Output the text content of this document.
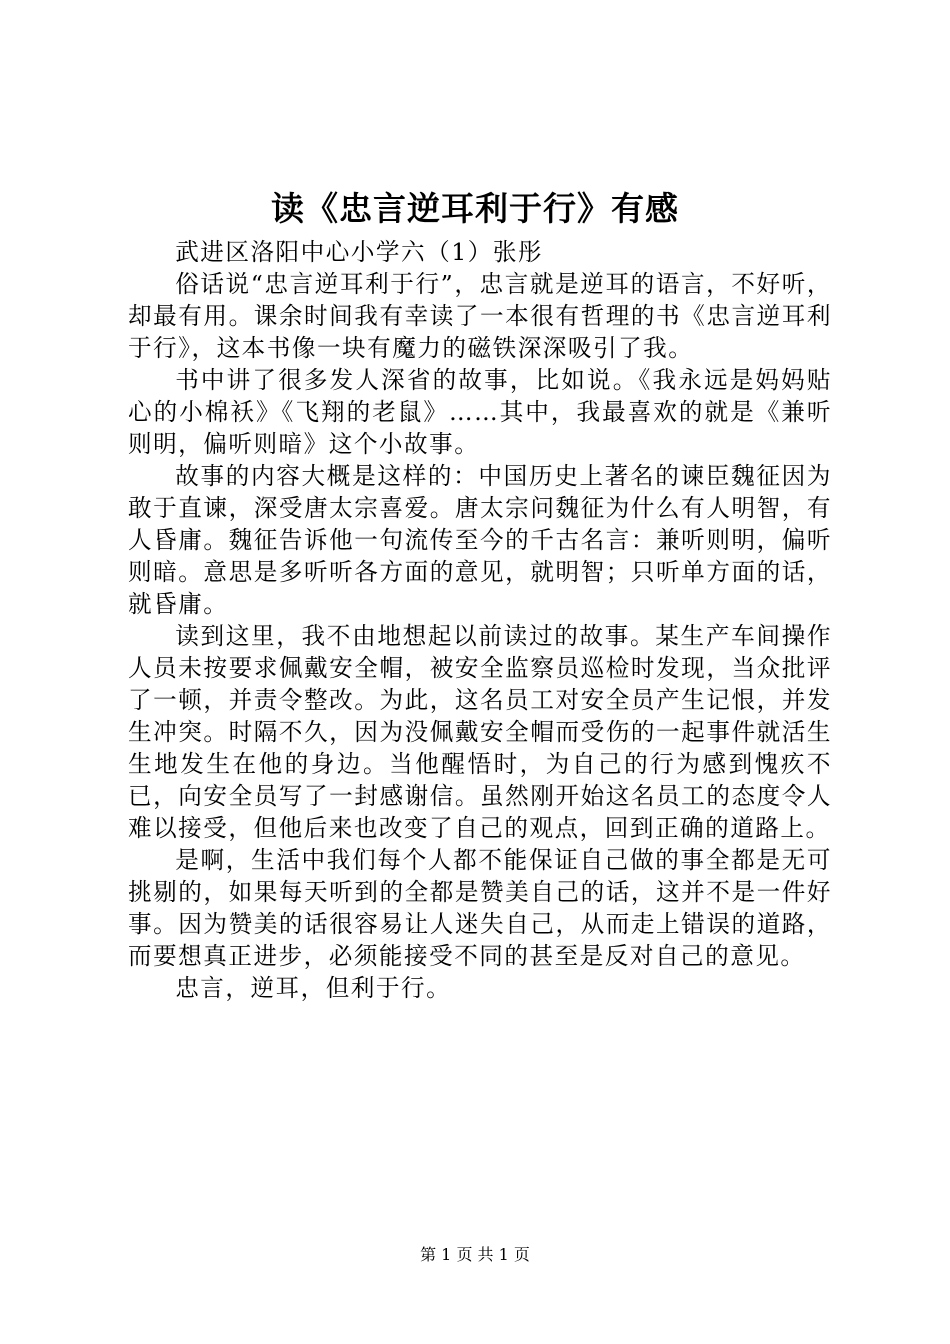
读《忠言逆耳利于行》有感

武进区洛阳中心小学六（1）张彤

俗话说“忠言逆耳利于行”，忠言就是逆耳的语言，不好听，却最有用。课余时间我有幸读了一本很有哲理的书《忠言逆耳利于行》，这本书像一块有魔力的磁铁深深吸引了我。

书中讲了很多发人深省的故事，比如说。《我永远是妈妈贴心的小棉袄》《飞翔的老鼠》……其中，我最喜欢的就是《兼听则明，偏听则暗》这个小故事。

故事的内容大概是这样的：中国历史上著名的谏臣魏征因为敢于直谏，深受唐太宗喜爱。唐太宗问魏征为什么有人明智，有人昏庸。魏征告诉他一句流传至今的千古名言：兼听则明，偏听则暗。意思是多听听各方面的意见，就明智；只听单方面的话，就昏庸。

读到这里，我不由地想起以前读过的故事。某生产车间操作人员未按要求佩戴安全帽，被安全监察员巡检时发现，当众批评了一顿，并责令整改。为此，这名员工对安全员产生记恨，并发生冲突。时隔不久，因为没佩戴安全帽而受伤的一起事件就活生生地发生在他的身边。当他醒悟时，为自己的行为感到愧疚不已，向安全员写了一封感谢信。虽然刚开始这名员工的态度令人难以接受，但他后来也改变了自己的观点，回到正确的道路上。

是啊，生活中我们每个人都不能保证自己做的事全都是无可挑剔的，如果每天听到的全都是赞美自己的话，这并不是一件好事。因为赞美的话很容易让人迷失自己，从而走上错误的道路，而要想真正进步，必须能接受不同的甚至是反对自己的意见。

忠言，逆耳，但利于行。

第 1 页 共 1 页
